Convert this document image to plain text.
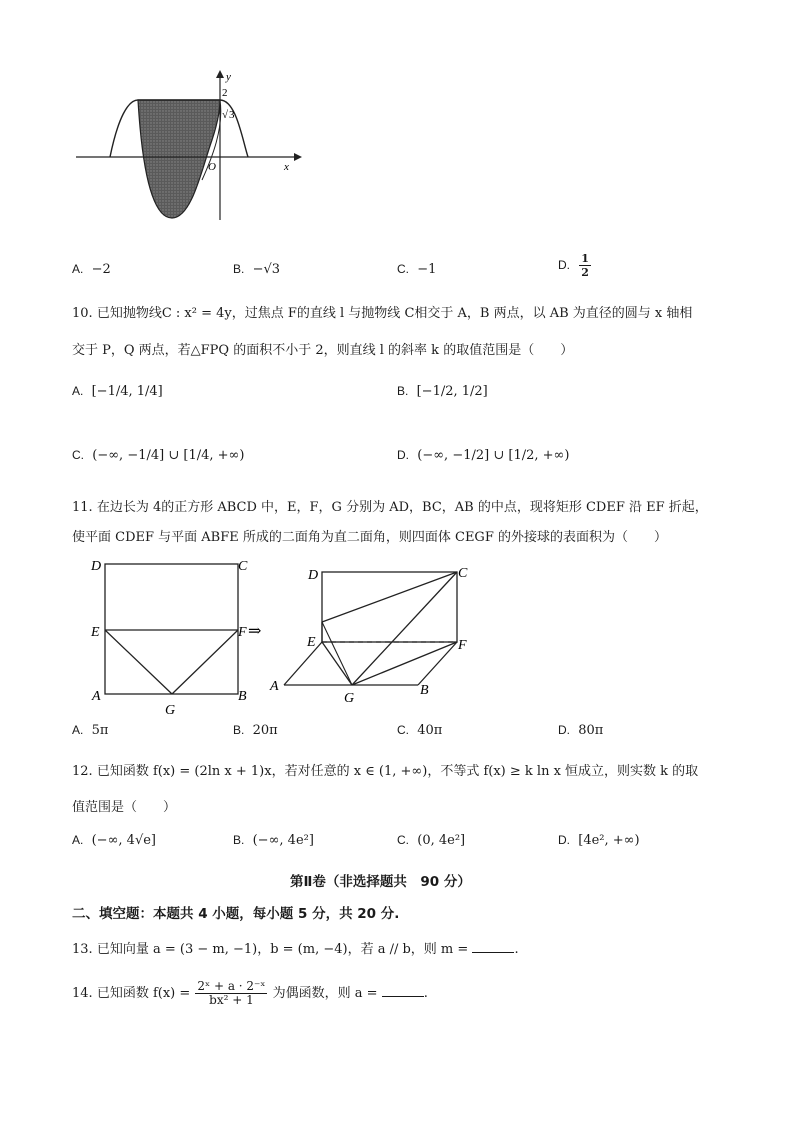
y
x
O
2
√ 3
A. −2	B. −√3	C. −1	D. $\frac{1}{2}$
10. 已知抛物线C : x² = 4y，过焦点 F的直线 l 与抛物线 C相交于 A，B 两点，以 AB 为直径的圆与 x 轴相
交于 P，Q 两点，若△FPQ 的面积不小于 2，则直线 l 的斜率 k 的取值范围是（　　）
A. [−1/4, 1/4]	B. [−1/2, 1/2]
C. (−∞, −1/4] ∪ [1/4, +∞)	D. (−∞, −1/2] ∪ [1/2, +∞)
11. 在边长为 4的正方形 ABCD 中，E，F，G 分别为 AD，BC，AB 的中点，现将矩形 CDEF 沿 EF 折起，
使平面 CDEF 与平面 ABFE 所成的二面角为直二面角，则四面体 CEGF 的外接球的表面积为（　　）
D	C
E	F
A	B
G
⇒
D	C
E	F
A	B
G
A. 5π	B. 20π	C. 40π	D. 80π
12. 已知函数 f(x) = (2ln x + 1)x，若对任意的 x ∈ (1, +∞)，不等式 f(x) ≥ k ln x 恒成立，则实数 k 的取
值范围是（　　）
A. (−∞, 4√e]	B. (−∞, 4e²]	C. (0, 4e²]	D. [4e², +∞)
第Ⅱ卷（非选择题共　90 分）
二、填空题：本题共 4 小题，每小题 5 分，共 20 分.
13. 已知向量 a = (3 − m, −1)，b = (m, −4)，若 a // b，则 m =	.
14. 已知函数 $f(x) = \frac{\text{2ˣ + a · 2⁻ˣ}}{\text{bx² + 1}}$ 为偶函数，则 a =	.
